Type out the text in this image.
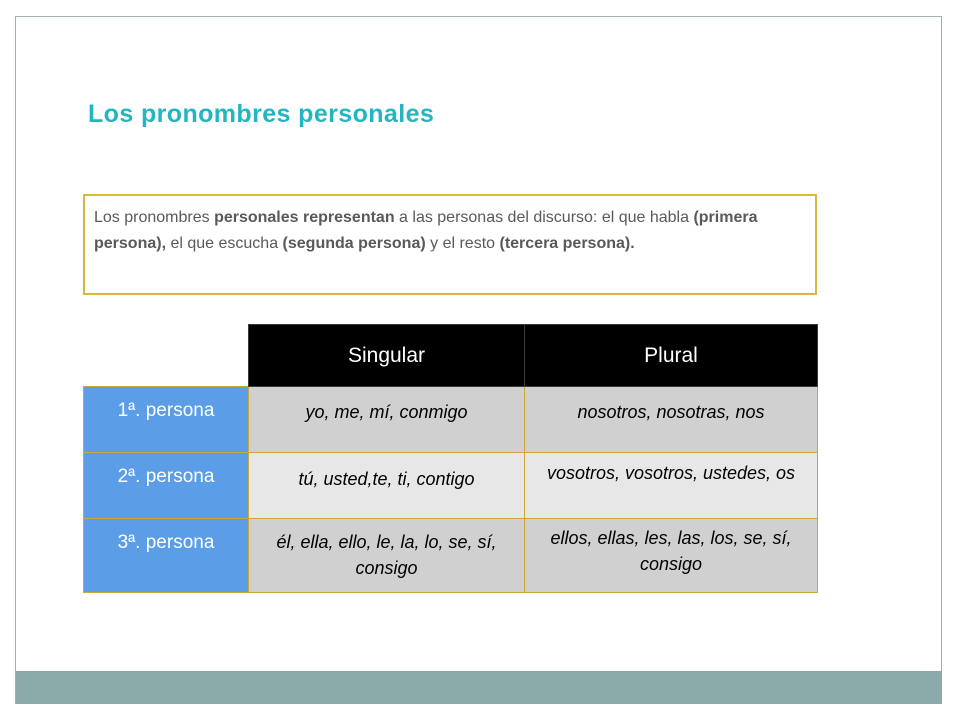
Los pronombres personales
Los pronombres personales representan a las personas del discurso: el que habla (primera persona), el que escucha (segunda persona) y el resto (tercera persona).
	Singular	Plural
1ª. persona	yo, me, mí, conmigo	nosotros, nosotras, nos
2ª. persona	tú, usted,te, ti, contigo	vosotros, vosotros, ustedes, os
3ª. persona	él, ella, ello, le, la, lo, se, sí, consigo	ellos, ellas, les, las, los, se, sí, consigo
